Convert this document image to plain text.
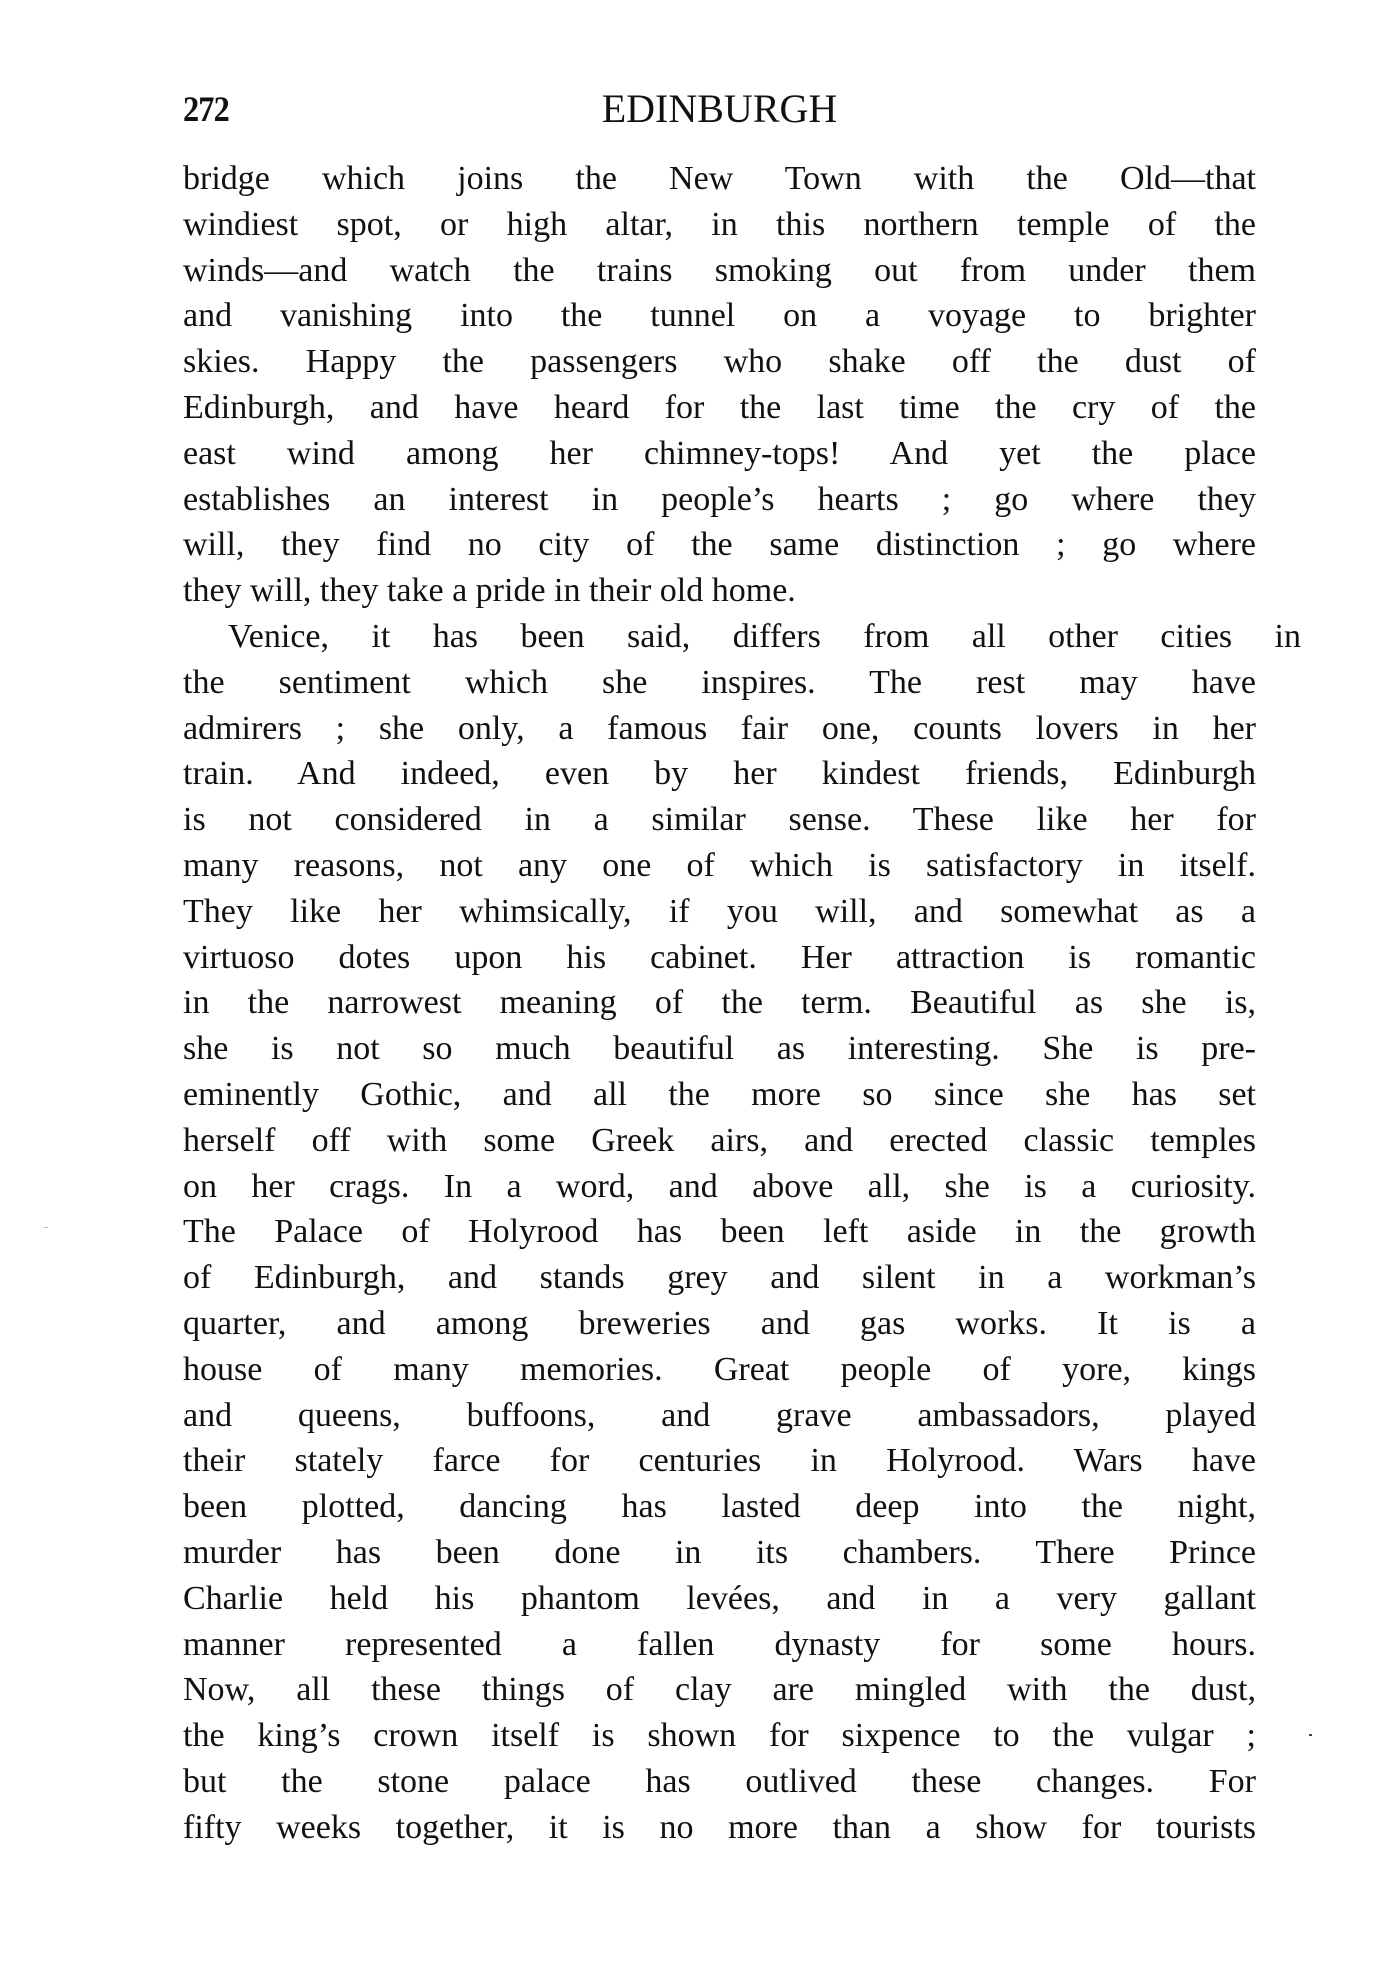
272	EDINBURGH
bridge which joins the New Town with the Old—that
windiest spot, or high altar, in this northern temple of the
winds—and watch the trains smoking out from under them
and vanishing into the tunnel on a voyage to brighter
skies. Happy the passengers who shake off the dust of
Edinburgh, and have heard for the last time the cry of the
east wind among her chimney-tops! And yet the place
establishes an interest in people’s hearts ; go where they
will, they find no city of the same distinction ; go where
they will, they take a pride in their old home.
Venice, it has been said, differs from all other cities in
the sentiment which she inspires. The rest may have
admirers ; she only, a famous fair one, counts lovers in her
train. And indeed, even by her kindest friends, Edinburgh
is not considered in a similar sense. These like her for
many reasons, not any one of which is satisfactory in itself.
They like her whimsically, if you will, and somewhat as a
virtuoso dotes upon his cabinet. Her attraction is romantic
in the narrowest meaning of the term. Beautiful as she is,
she is not so much beautiful as interesting. She is pre-
eminently Gothic, and all the more so since she has set
herself off with some Greek airs, and erected classic temples
on her crags. In a word, and above all, she is a curiosity.
The Palace of Holyrood has been left aside in the growth
of Edinburgh, and stands grey and silent in a workman’s
quarter, and among breweries and gas works. It is a
house of many memories. Great people of yore, kings
and queens, buffoons, and grave ambassadors, played
their stately farce for centuries in Holyrood. Wars have
been plotted, dancing has lasted deep into the night,
murder has been done in its chambers. There Prince
Charlie held his phantom levées, and in a very gallant
manner represented a fallen dynasty for some hours.
Now, all these things of clay are mingled with the dust,
the king’s crown itself is shown for sixpence to the vulgar ;
but the stone palace has outlived these changes. For
fifty weeks together, it is no more than a show for tourists
